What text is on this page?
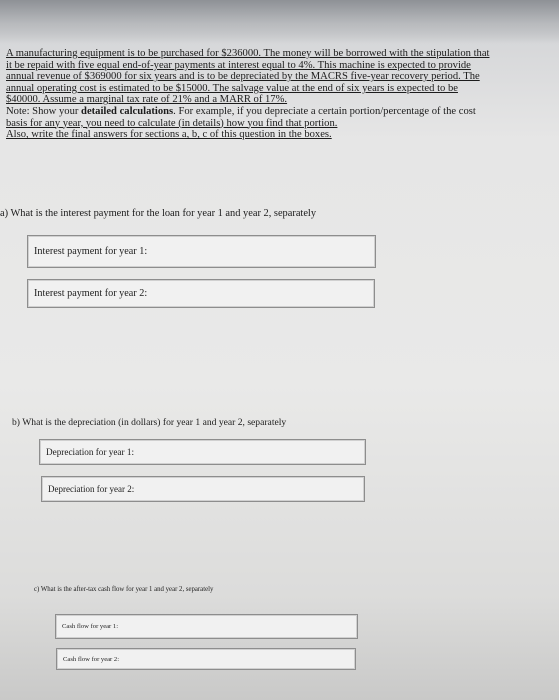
A manufacturing equipment is to be purchased for $236000. The money will be borrowed with the stipulation that

it be repaid with five equal end-of-year payments at interest equal to 4%. This machine is expected to provide

annual revenue of $369000 for six years and is to be depreciated by the MACRS five-year recovery period. The

annual operating cost is estimated to be $15000. The salvage value at the end of six years is expected to be

$40000. Assume a marginal tax rate of 21% and a MARR of 17%.

Note: Show your detailed calculations. For example, if you depreciate a certain portion/percentage of the cost

basis for any year, you need to calculate (in details) how you find that portion.

Also, write the final answers for sections a, b, c of this question in the boxes.

a) What is the interest payment for the loan for year 1 and year 2, separately

Interest payment for year 1:
Interest payment for year 2:

b) What is the depreciation (in dollars) for year 1 and year 2, separately

Depreciation for year 1:
Depreciation for year 2:

c) What is the after-tax cash flow for year 1 and year 2, separately

Cash flow for year 1:
Cash flow for year 2:
